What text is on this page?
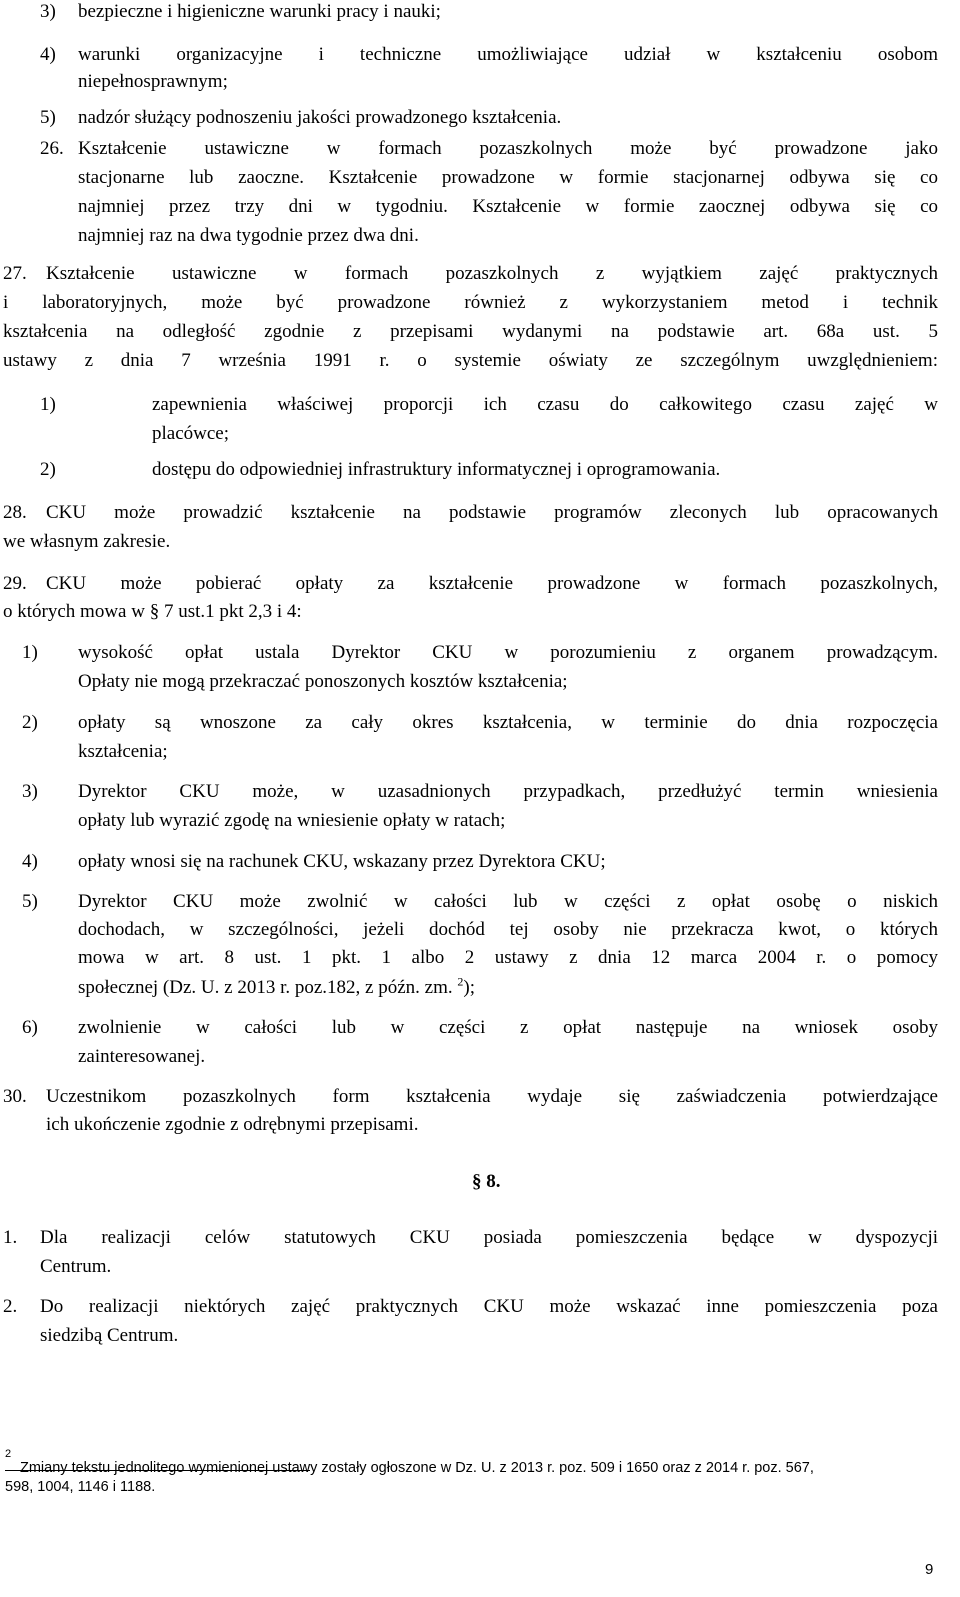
3) bezpieczne i higieniczne warunki pracy i nauki;
4) warunki organizacyjne i techniczne umożliwiające udział w kształceniu osobom
niepełnosprawnym;
5) nadzór służący podnoszeniu jakości prowadzonego kształcenia.
26. Kształcenie ustawiczne w formach pozaszkolnych może być prowadzone jako
stacjonarne lub zaoczne. Kształcenie prowadzone w formie stacjonarnej odbywa się co
najmniej przez trzy dni w tygodniu. Kształcenie w formie zaocznej odbywa się co
najmniej raz na dwa tygodnie przez dwa dni.
27. Kształcenie ustawiczne w formach pozaszkolnych z wyjątkiem zajęć praktycznych
i laboratoryjnych, może być prowadzone również z wykorzystaniem metod i technik
kształcenia na odległość zgodnie z przepisami wydanymi na podstawie art. 68a ust. 5
ustawy z dnia 7 września 1991 r. o systemie oświaty ze szczególnym uwzględnieniem:
1)	zapewnienia właściwej proporcji ich czasu do całkowitego czasu zajęć w
placówce;
2)	dostępu do odpowiedniej infrastruktury informatycznej i oprogramowania.
28. CKU może prowadzić kształcenie na podstawie programów zleconych lub opracowanych
we własnym zakresie.
29. CKU może pobierać opłaty za kształcenie prowadzone w formach pozaszkolnych,
o których mowa w § 7 ust.1 pkt 2,3 i 4:
1) wysokość opłat ustala Dyrektor CKU w porozumieniu z organem prowadzącym.
Opłaty nie mogą przekraczać ponoszonych kosztów kształcenia;
2) opłaty są wnoszone za cały okres kształcenia, w terminie do dnia rozpoczęcia
kształcenia;
3) Dyrektor CKU może, w uzasadnionych przypadkach, przedłużyć termin wniesienia
opłaty lub wyrazić zgodę na wniesienie opłaty w ratach;
4) opłaty wnosi się na rachunek CKU, wskazany przez Dyrektora CKU;
5) Dyrektor CKU może zwolnić w całości lub w części z opłat osobę o niskich
dochodach, w szczególności, jeżeli dochód tej osoby nie przekracza kwot, o których
mowa w art. 8 ust. 1 pkt. 1 albo 2 ustawy z dnia 12 marca 2004 r. o pomocy
społecznej (Dz. U. z 2013 r. poz.182, z późn. zm. $^2$);
6) zwolnienie w całości lub w części z opłat następuje na wniosek osoby
zainteresowanej.
30. Uczestnikom pozaszkolnych form kształcenia wydaje się zaświadczenia potwierdzające
ich ukończenie zgodnie z odrębnymi przepisami.
§ 8.
1. Dla realizacji celów statutowych CKU posiada pomieszczenia będące w dyspozycji
Centrum.
2. Do realizacji niektórych zajęć praktycznych CKU może wskazać inne pomieszczenia poza
siedzibą Centrum.
2
Zmiany tekstu jednolitego wymienionej ustawy zostały ogłoszone w Dz. U. z 2013 r. poz. 509 i 1650 oraz z 2014 r. poz. 567,
598, 1004, 1146 i 1188.
9
